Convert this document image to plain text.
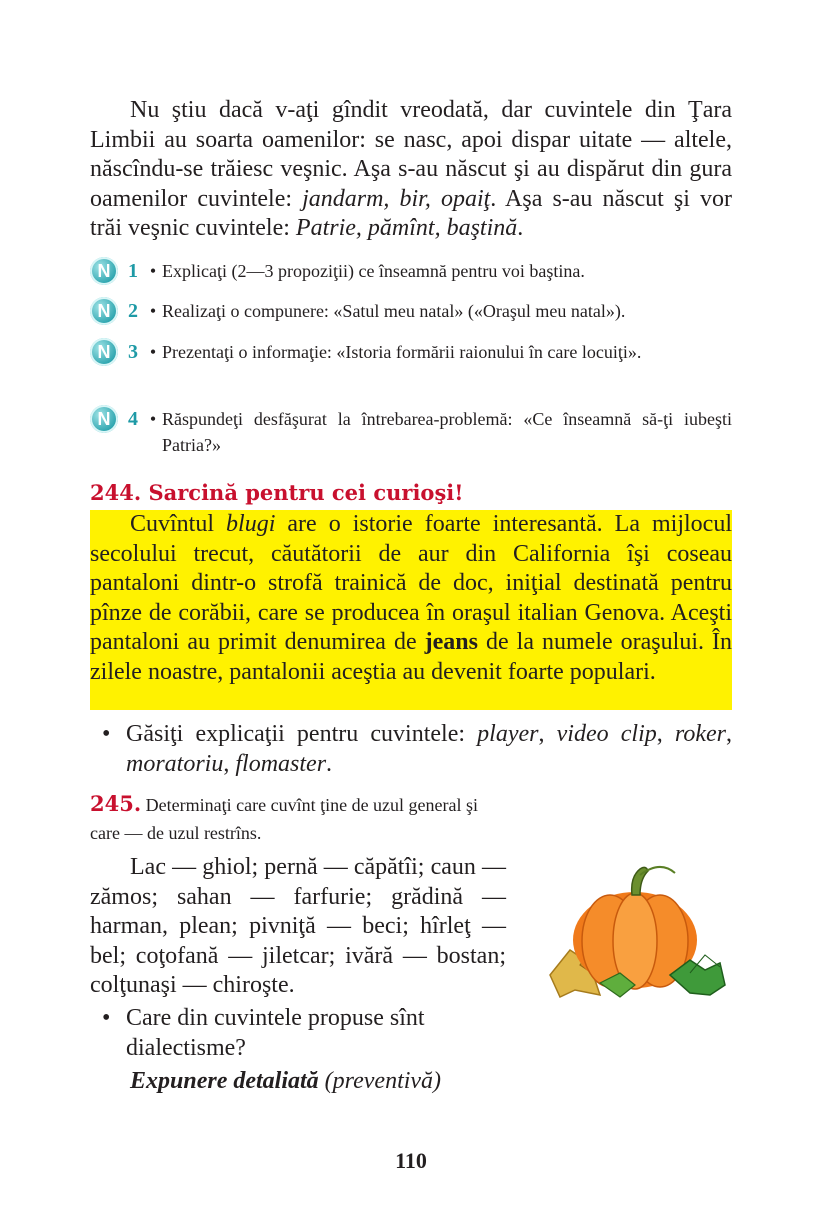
Nu ştiu dacă v-aţi gîndit vreodată, dar cuvintele din Ţara Limbii au soarta oamenilor: se nasc, apoi dispar uitate — altele, născîndu-se trăiesc veşnic. Aşa s-au născut şi au dispărut din gura oamenilor cuvintele: jandarm, bir, opaiţ. Aşa s-au născut şi vor trăi veşnic cuvintele: Patrie, pămînt, baştină.
N 1 • Explicaţi (2—3 propoziţii) ce înseamnă pentru voi baştina.
N 2 • Realizaţi o compunere: «Satul meu natal» («Oraşul meu natal»).
N 3 • Prezentaţi o informaţie: «Istoria formării raionului în care locuiţi».
N 4 • Răspundeţi desfăşurat la întrebarea-problemă: «Ce înseamnă să-ţi iubeşti Patria?»
244. Sarcină pentru cei curioşi!
Cuvîntul blugi are o istorie foarte interesantă. La mijlocul secolului trecut, căutătorii de aur din California îşi coseau pantaloni dintr-o strofă trainică de doc, iniţial destinată pentru pînze de corăbii, care se producea în oraşul italian Genova. Aceşti pantaloni au primit denumirea de jeans de la numele oraşului. În zilele noastre, pantalonii aceştia au devenit foarte populari.
• Găsiţi explicaţii pentru cuvintele: player, video clip, roker, moratoriu, flomaster.
245. Determinaţi care cuvînt ţine de uzul general şi care — de uzul restrîns.
Lac — ghiol; pernă — căpătîi; caun — zămos; sahan — farfurie; grădină — harman, plean; pivniţă — beci; hîrleţ — bel; coţofană — jiletcar; ivără — bostan; colţunaşi — chiroşte.
• Care din cuvintele propuse sînt dialectisme?
Expunere detaliată (preventivă)
110
